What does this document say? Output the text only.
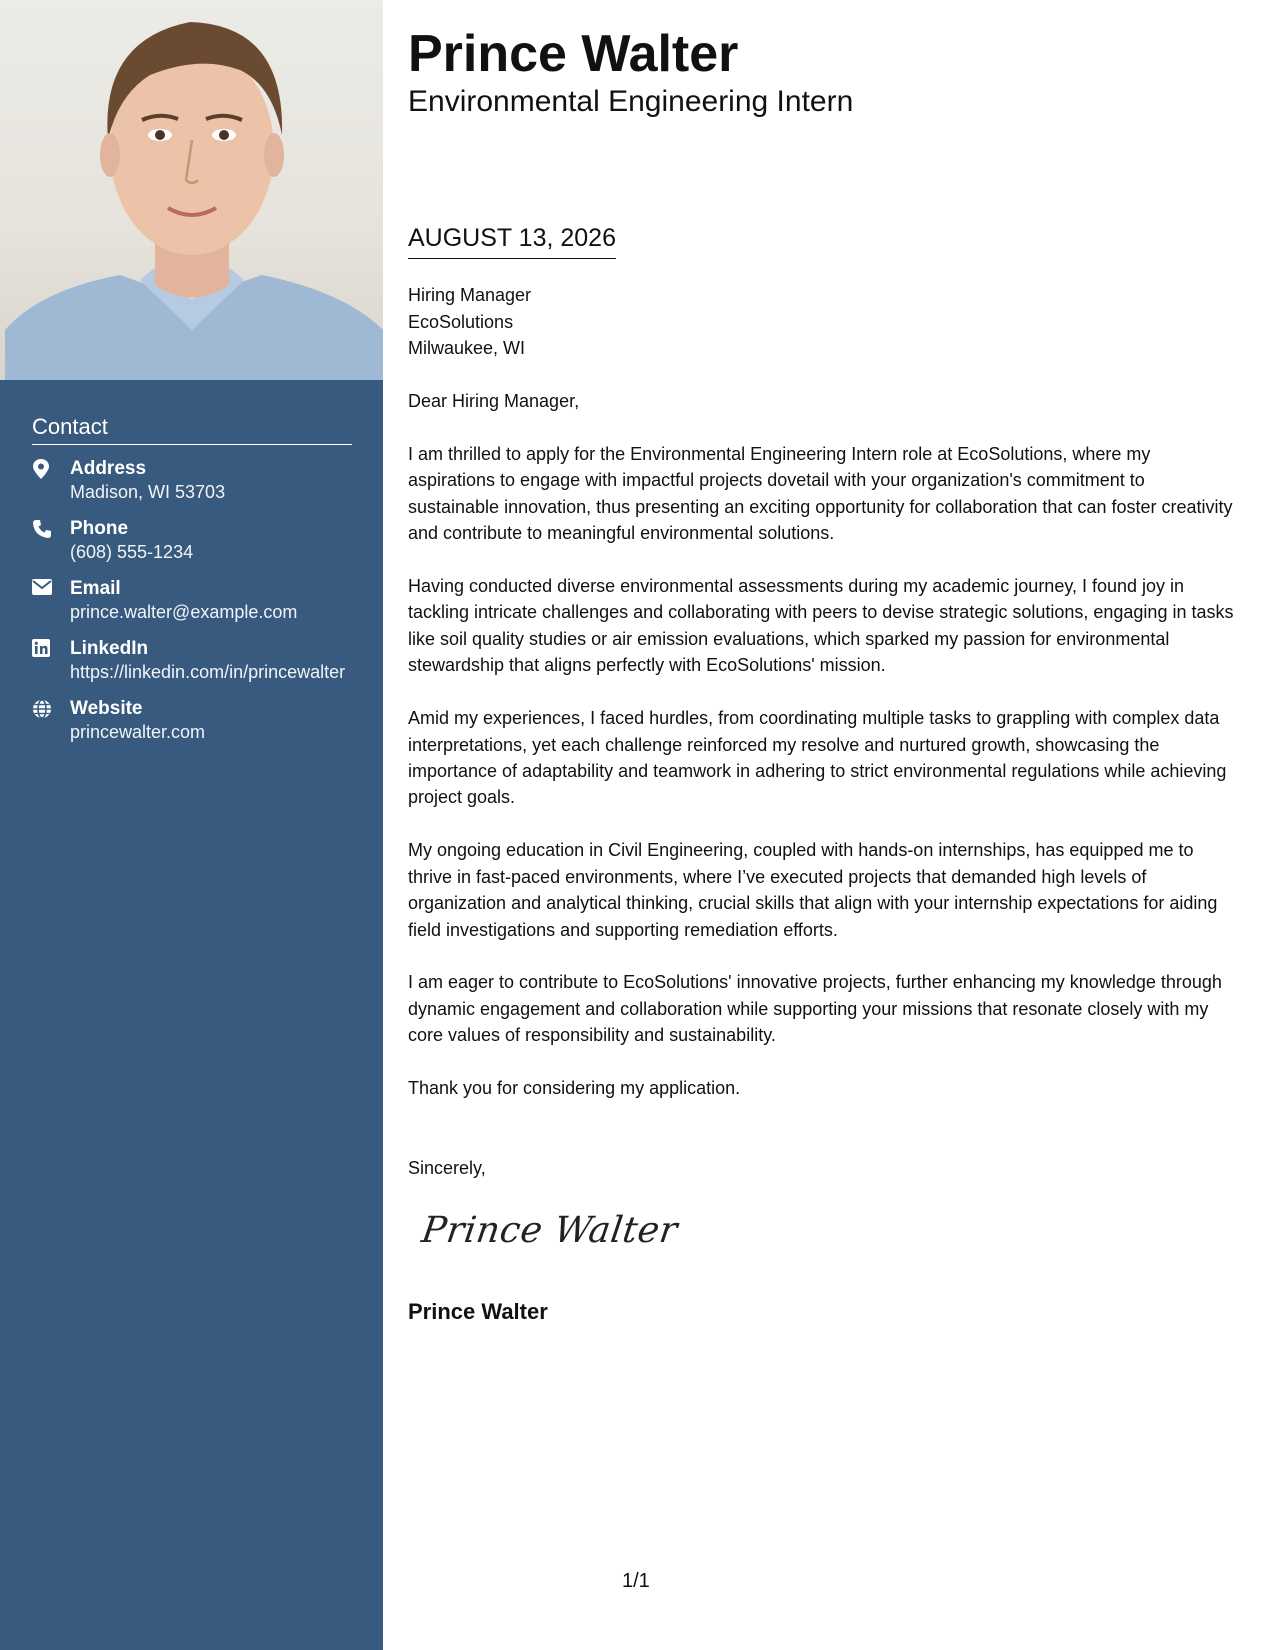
Contact
Address
Madison, WI 53703
Phone
(608) 555-1234
Email
prince.walter@example.com
LinkedIn
https://linkedin.com/in/princewalter
Website
princewalter.com
Prince Walter
Environmental Engineering Intern
AUGUST 13, 2026
Hiring Manager
EcoSolutions
Milwaukee, WI

Dear Hiring Manager,

I am thrilled to apply for the Environmental Engineering Intern role at EcoSolutions, where my aspirations to engage with impactful projects dovetail with your organization's commitment to sustainable innovation, thus presenting an exciting opportunity for collaboration that can foster creativity and contribute to meaningful environmental solutions.

Having conducted diverse environmental assessments during my academic journey, I found joy in tackling intricate challenges and collaborating with peers to devise strategic solutions, engaging in tasks like soil quality studies or air emission evaluations, which sparked my passion for environmental stewardship that aligns perfectly with EcoSolutions' mission.

Amid my experiences, I faced hurdles, from coordinating multiple tasks to grappling with complex data interpretations, yet each challenge reinforced my resolve and nurtured growth, showcasing the importance of adaptability and teamwork in adhering to strict environmental regulations while achieving project goals.

My ongoing education in Civil Engineering, coupled with hands-on internships, has equipped me to thrive in fast-paced environments, where I’ve executed projects that demanded high levels of organization and analytical thinking, crucial skills that align with your internship expectations for aiding field investigations and supporting remediation efforts.

I am eager to contribute to EcoSolutions' innovative projects, further enhancing my knowledge through dynamic engagement and collaboration while supporting your missions that resonate closely with my core values of responsibility and sustainability.

Thank you for considering my application.

Sincerely,
Prince Walter
Prince Walter
1/1
